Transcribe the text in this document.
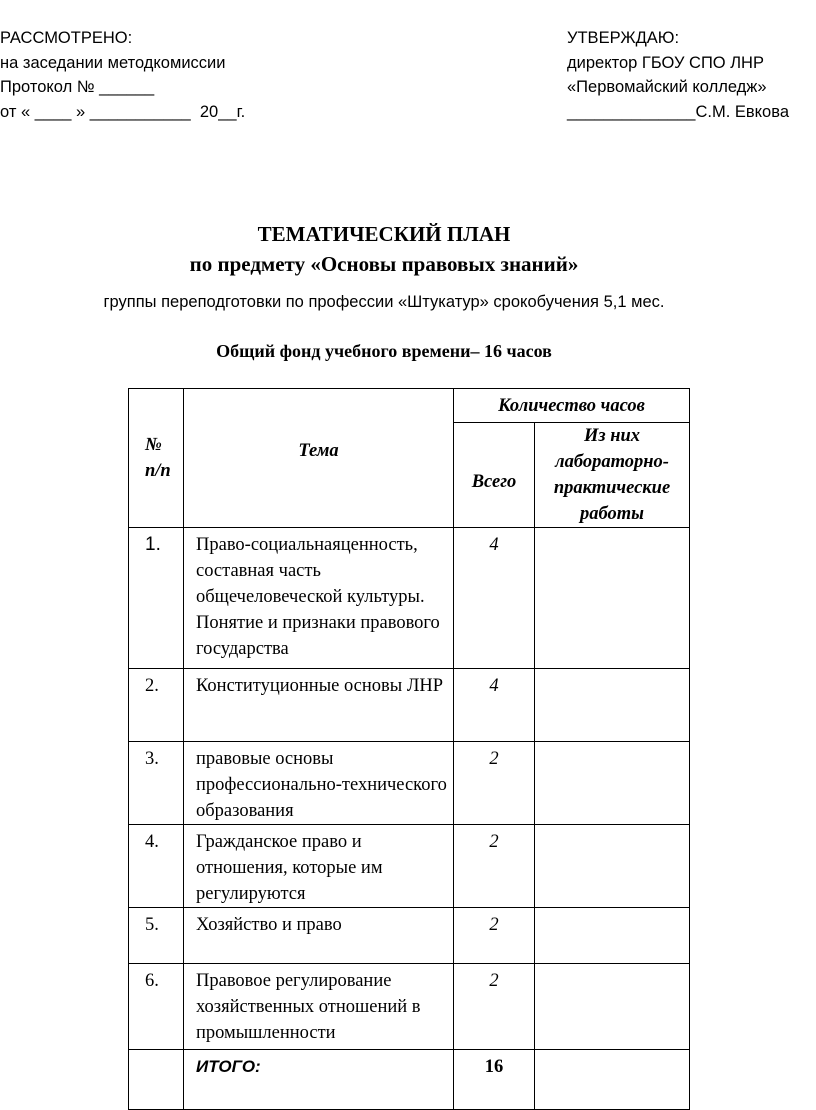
РАССМОТРЕНО:
на заседании методкомиссии
Протокол № ______
от « ____ » ___________  20__г.
УТВЕРЖДАЮ:
директор ГБОУ СПО ЛНР
«Первомайский колледж»
______________С.М. Евкова
ТЕМАТИЧЕСКИЙ ПЛАН
по предмету «Основы правовых знаний»
группы переподготовки по профессии «Штукатур» срокобучения 5,1 мес.
Общий фонд учебного времени– 16 часов
№
п/п	Тема	Количество часов	
		Всего	Из них лабораторно-практические работы
1.	Право-социальнаяценность, составная часть общечеловеческой культуры. Понятие и признаки правового государства	4	
2.	Конституционные основы ЛНР	4	
3.	правовые основы профессионально-технического образования	2	
4.	Гражданское право и отношения, которые им регулируются	2	
5.	Хозяйство и право	2	
6.	Правовое регулирование хозяйственных отношений в промышленности	2	
	ИТОГО:	16	
